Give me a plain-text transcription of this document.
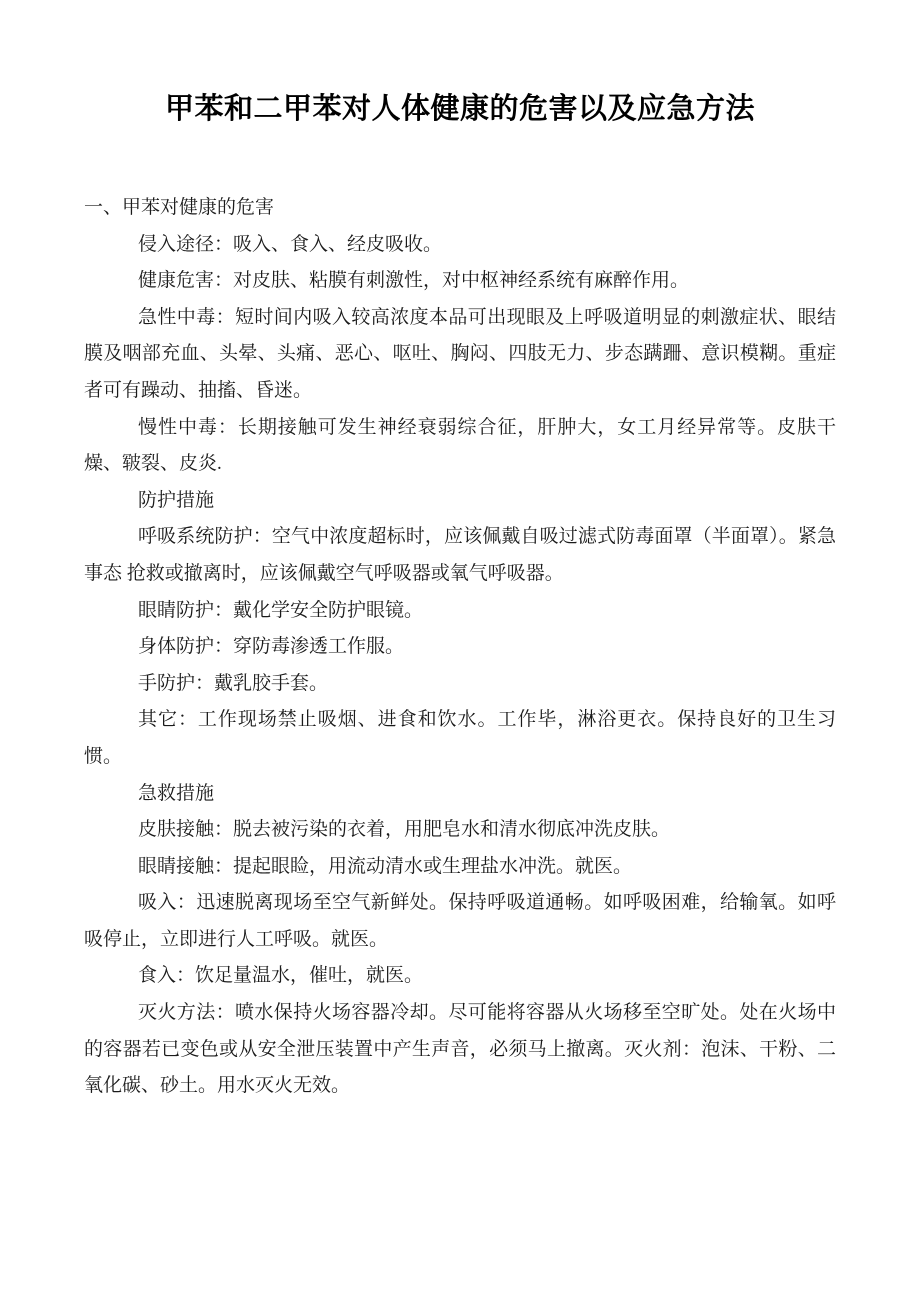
甲苯和二甲苯对人体健康的危害以及应急方法

一、甲苯对健康的危害

侵入途径：吸入、食入、经皮吸收。

健康危害：对皮肤、粘膜有刺激性，对中枢神经系统有麻醉作用。

急性中毒：短时间内吸入较高浓度本品可出现眼及上呼吸道明显的刺激症状、眼结膜及咽部充血、头晕、头痛、恶心、呕吐、胸闷、四肢无力、步态蹒跚、意识模糊。重症者可有躁动、抽搐、昏迷。

慢性中毒：长期接触可发生神经衰弱综合征，肝肿大，女工月经异常等。皮肤干燥、皲裂、皮炎.

防护措施

呼吸系统防护：空气中浓度超标时，应该佩戴自吸过滤式防毒面罩（半面罩）。紧急事态 抢救或撤离时，应该佩戴空气呼吸器或氧气呼吸器。

眼睛防护：戴化学安全防护眼镜。

身体防护：穿防毒渗透工作服。

手防护：戴乳胶手套。

其它：工作现场禁止吸烟、进食和饮水。工作毕，淋浴更衣。保持良好的卫生习惯。

急救措施

皮肤接触：脱去被污染的衣着，用肥皂水和清水彻底冲洗皮肤。

眼睛接触：提起眼睑，用流动清水或生理盐水冲洗。就医。

吸入：迅速脱离现场至空气新鲜处。保持呼吸道通畅。如呼吸困难，给输氧。如呼吸停止，立即进行人工呼吸。就医。

食入：饮足量温水，催吐，就医。

灭火方法：喷水保持火场容器冷却。尽可能将容器从火场移至空旷处。处在火场中的容器若已变色或从安全泄压装置中产生声音，必须马上撤离。灭火剂：泡沫、干粉、二氧化碳、砂土。用水灭火无效。
